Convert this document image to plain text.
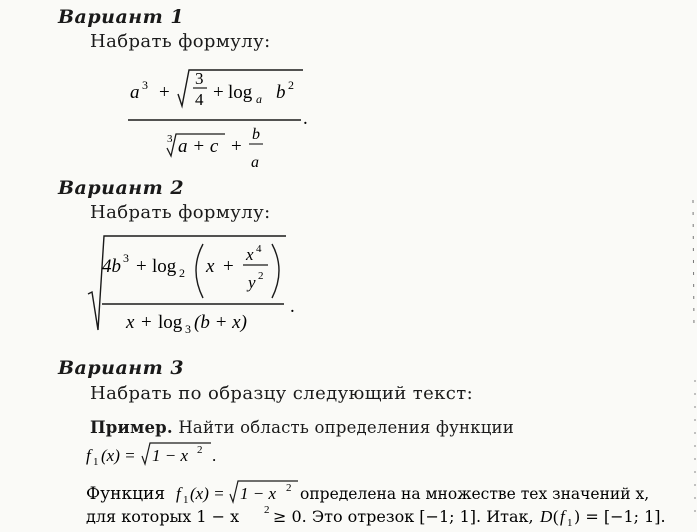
Вариант 1
Набрать формулу:
a 3 +
3
4 + log a b 2
.
3 a + c +
b
a
Вариант 2
Набрать формулу:
4b 3 + log 2 x +
x 4
y 2
.
x + log 3 (b + x)
Вариант 3
Набрать по образцу следующий текст:
Пример. Найти область определения функции
f 1 (x) = 1 − x 2 .
Функция f 1 (x) = 1 − x 2 определена на множестве тех значений x,
для которых 1 − x 2 ≥ 0. Это отрезок [−1; 1]. Итак, D ( f 1 ) = [−1; 1].
